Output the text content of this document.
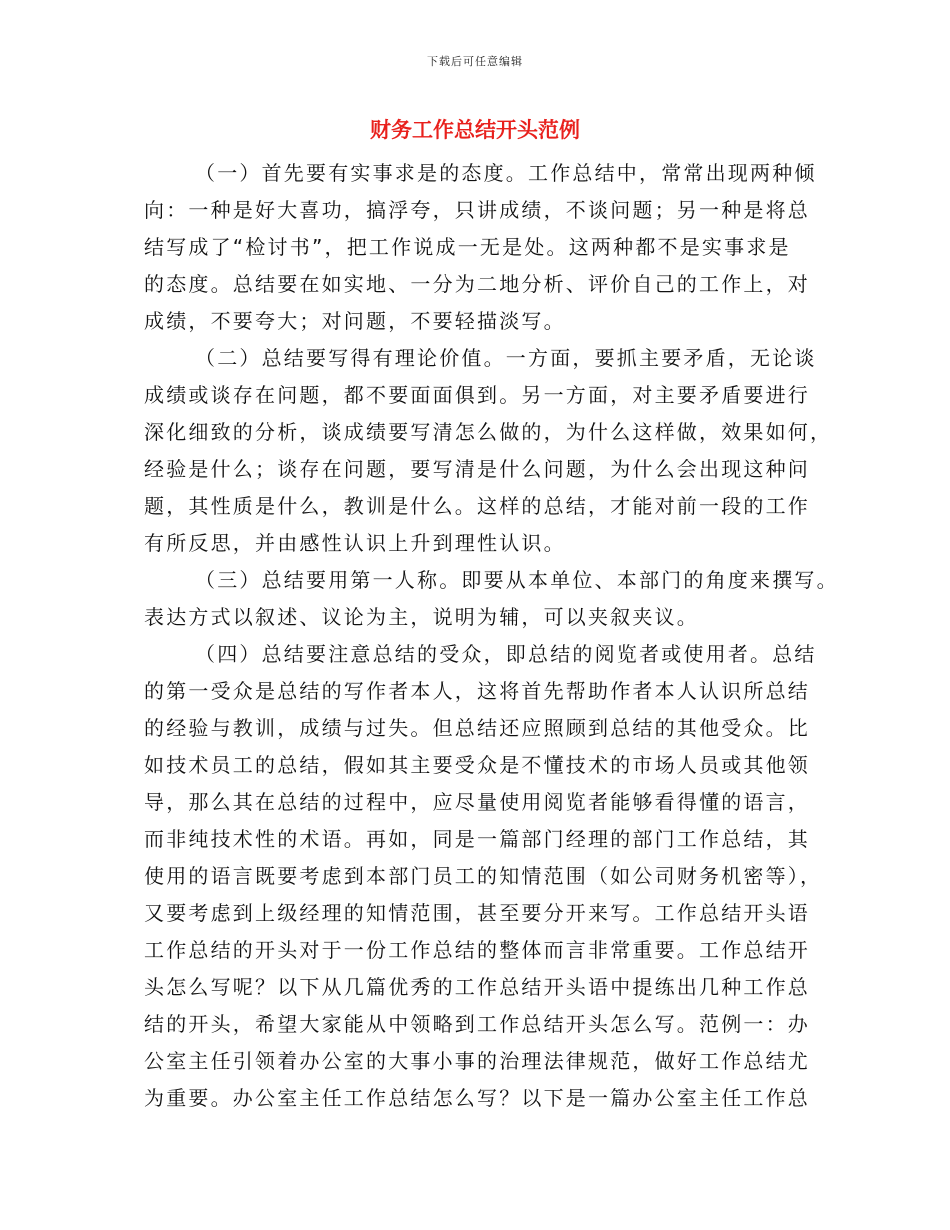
下载后可任意编辑
财务工作总结开头范例
（一）首先要有实事求是的态度。工作总结中，常常出现两种倾
向：一种是好大喜功，搞浮夸，只讲成绩，不谈问题；另一种是将总
结写成了“检讨书”，把工作说成一无是处。这两种都不是实事求是
的态度。总结要在如实地、一分为二地分析、评价自己的工作上，对
成绩，不要夸大；对问题，不要轻描淡写。
（二）总结要写得有理论价值。一方面，要抓主要矛盾，无论谈
成绩或谈存在问题，都不要面面俱到。另一方面，对主要矛盾要进行
深化细致的分析，谈成绩要写清怎么做的，为什么这样做，效果如何，
经验是什么；谈存在问题，要写清是什么问题，为什么会出现这种问
题，其性质是什么，教训是什么。这样的总结，才能对前一段的工作
有所反思，并由感性认识上升到理性认识。
（三）总结要用第一人称。即要从本单位、本部门的角度来撰写。
表达方式以叙述、议论为主，说明为辅，可以夹叙夹议。
（四）总结要注意总结的受众，即总结的阅览者或使用者。总结
的第一受众是总结的写作者本人，这将首先帮助作者本人认识所总结
的经验与教训，成绩与过失。但总结还应照顾到总结的其他受众。比
如技术员工的总结，假如其主要受众是不懂技术的市场人员或其他领
导，那么其在总结的过程中，应尽量使用阅览者能够看得懂的语言，
而非纯技术性的术语。再如，同是一篇部门经理的部门工作总结，其
使用的语言既要考虑到本部门员工的知情范围（如公司财务机密等），
又要考虑到上级经理的知情范围，甚至要分开来写。工作总结开头语
工作总结的开头对于一份工作总结的整体而言非常重要。工作总结开
头怎么写呢？以下从几篇优秀的工作总结开头语中提练出几种工作总
结的开头，希望大家能从中领略到工作总结开头怎么写。范例一：办
公室主任引领着办公室的大事小事的治理法律规范，做好工作总结尤
为重要。办公室主任工作总结怎么写？以下是一篇办公室主任工作总
